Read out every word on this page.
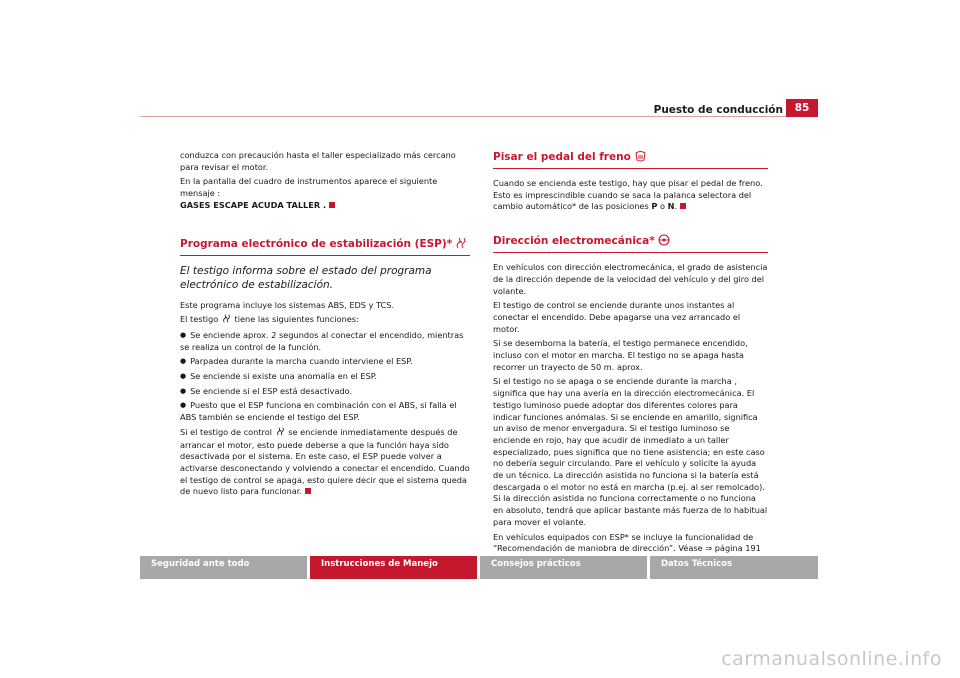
Puesto de conducción	85

conduzca con precaución hasta el taller especializado más cercano para revisar el motor.

En la pantalla del cuadro de instrumentos aparece el siguiente mensaje :
GASES ESCAPE ACUDA TALLER .

Programa electrónico de estabilización (ESP)*
El testigo informa sobre el estado del programa electrónico de estabilización.

Este programa incluye los sistemas ABS, EDS y TCS.

El testigo tiene las siguientes funciones:

● Se enciende aprox. 2 segundos al conectar el encendido, mientras se realiza un control de la función.

● Parpadea durante la marcha cuando interviene el ESP.

● Se enciende si existe una anomalía en el ESP.

● Se enciende si el ESP está desactivado.

● Puesto que el ESP funciona en combinación con el ABS, si falla el ABS también se enciende el testigo del ESP.

Si el testigo de control se enciende inmediatamente después de arrancar el motor, esto puede deberse a que la función haya sido desactivada por el sistema. En este caso, el ESP puede volver a activarse desconectando y volviendo a conectar el encendido. Cuando el testigo de control se apaga, esto quiere decir que el sistema queda de nuevo listo para funcionar.

Pisar el pedal del freno

Cuando se encienda este testigo, hay que pisar el pedal de freno. Esto es imprescindible cuando se saca la palanca selectora del cambio automático* de las posiciones P o N.

Dirección electromecánica*

En vehículos con dirección electromecánica, el grado de asistencia de la dirección depende de la velocidad del vehículo y del giro del volante.

El testigo de control se enciende durante unos instantes al conectar el encendido. Debe apagarse una vez arrancado el motor.

Si se desemborna la batería, el testigo permanece encendido, incluso con el motor en marcha. El testigo no se apaga hasta recorrer un trayecto de 50 m. aprox.

Si el testigo no se apaga o se enciende durante la marcha , significa que hay una avería en la dirección electromecánica. El testigo luminoso puede adoptar dos diferentes colores para indicar funciones anómalas. Si se enciende en amarillo, significa un aviso de menor envergadura. Si el testigo luminoso se enciende en rojo, hay que acudir de inmediato a un taller especializado, pues significa que no tiene asistencia; en este caso no debería seguir circulando. Pare el vehículo y solicite la ayuda de un técnico. La dirección asistida no funciona si la batería está descargada o el motor no está en marcha (p.ej. al ser remolcado). Si la dirección asistida no funciona correctamente o no funciona en absoluto, tendrá que aplicar bastante más fuerza de lo habitual para mover el volante.

En vehículos equipados con ESP* se incluye la funcionalidad de “Recomendación de maniobra de dirección”. Véase ⇒ página 191

Seguridad ante todo	Instrucciones de Manejo	Consejos prácticos	Datos Técnicos
carmanualsonline.info
